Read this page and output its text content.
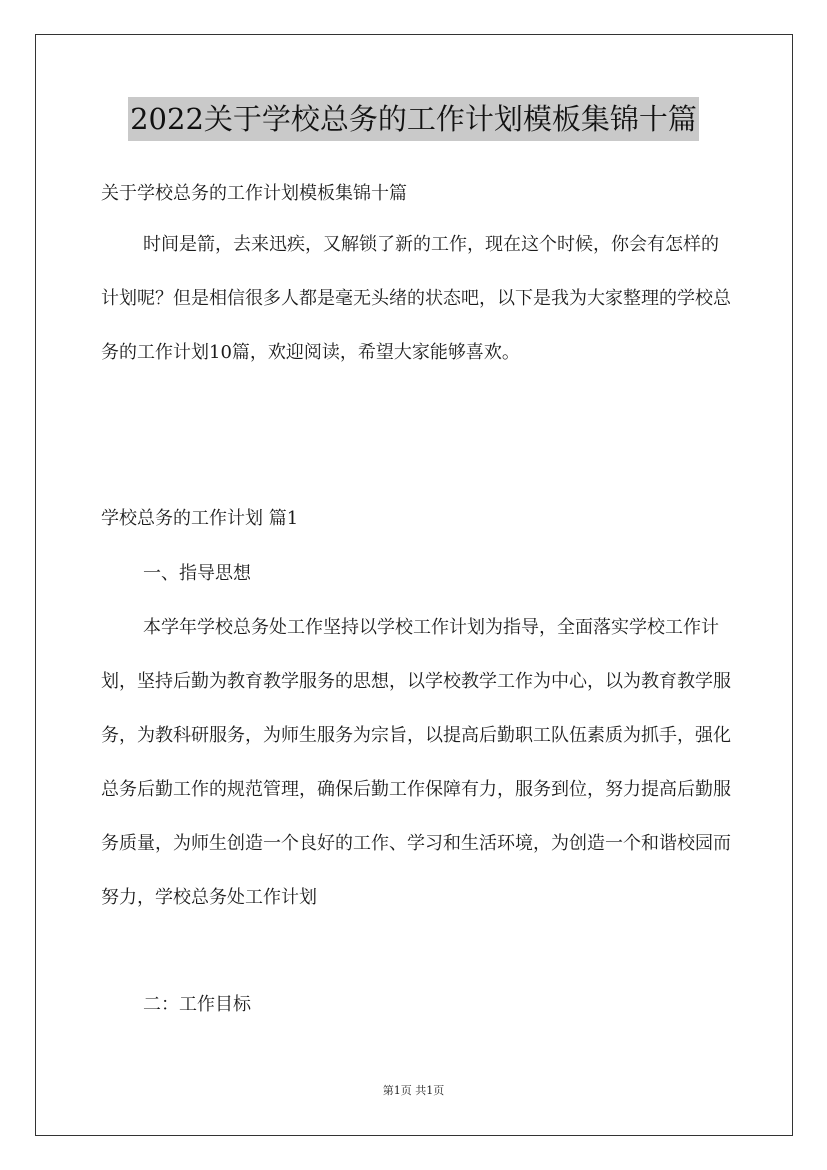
2022关于学校总务的工作计划模板集锦十篇
关于学校总务的工作计划模板集锦十篇
时间是箭，去来迅疾，又解锁了新的工作，现在这个时候，你会有怎样的计划呢？但是相信很多人都是毫无头绪的状态吧，以下是我为大家整理的学校总务的工作计划10篇，欢迎阅读，希望大家能够喜欢。
学校总务的工作计划 篇1
一、指导思想
本学年学校总务处工作坚持以学校工作计划为指导，全面落实学校工作计划，坚持后勤为教育教学服务的思想，以学校教学工作为中心，以为教育教学服务，为教科研服务，为师生服务为宗旨，以提高后勤职工队伍素质为抓手，强化总务后勤工作的规范管理，确保后勤工作保障有力，服务到位，努力提高后勤服务质量，为师生创造一个良好的工作、学习和生活环境，为创造一个和谐校园而努力，学校总务处工作计划
二：工作目标
第1页 共1页
